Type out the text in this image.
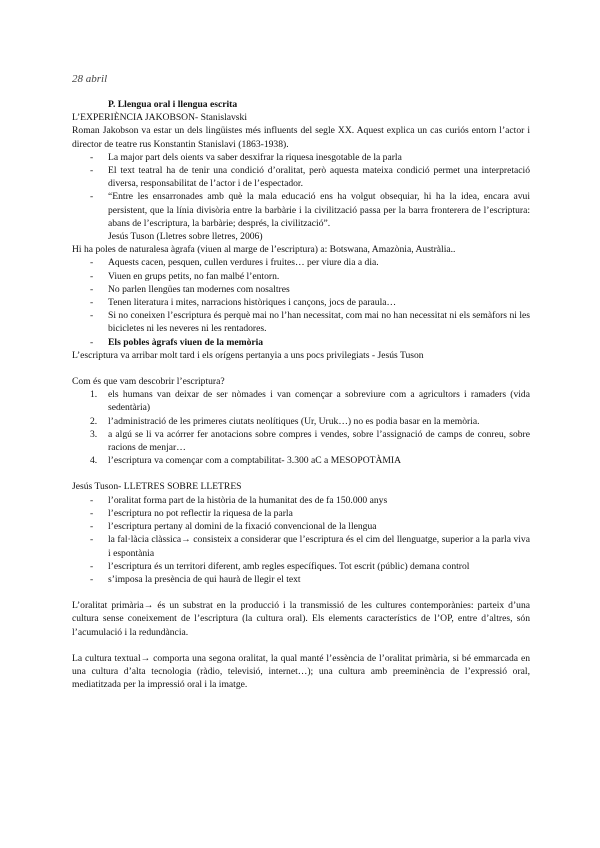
28 abril

P. Llengua oral i llengua escrita

L’EXPERIÈNCIA JAKOBSON- Stanislavski

Roman Jakobson va estar un dels lingüistes més influents del segle XX. Aquest explica un cas curiós entorn l’actor i director de teatre rus Konstantin Stanislavi (1863-1938).

- La major part dels oients va saber desxifrar la riquesa inesgotable de la parla
- El text teatral ha de tenir una condició d’oralitat, però aquesta mateixa condició permet una interpretació diversa, responsabilitat de l’actor i de l’espectador.
- “Entre les ensarronades amb què la mala educació ens ha volgut obsequiar, hi ha la idea, encara avui persistent, que la línia divisòria entre la barbàrie i la civilització passa per la barra fronterera de l’escriptura: abans de l’escriptura, la barbàrie; després, la civilització”.
Jesús Tuson (Lletres sobre lletres, 2006)

Hi ha poles de naturalesa àgrafa (viuen al marge de l’escriptura) a: Botswana, Amazònia, Austràlia..

- Aquests cacen, pesquen, cullen verdures i fruites… per viure dia a dia.
- Viuen en grups petits, no fan malbé l’entorn.
- No parlen llengües tan modernes com nosaltres
- Tenen literatura i mites, narracions històriques i cançons, jocs de paraula…
- Si no coneixen l’escriptura és perquè mai no l’han necessitat, com mai no han necessitat ni els semàfors ni les bicicletes ni les neveres ni les rentadores.
- Els pobles àgrafs viuen de la memòria

L’escriptura va arribar molt tard i els orígens pertanyia a uns pocs privilegiats - Jesús Tuson

Com és que vam descobrir l’escriptura?

1. els humans van deixar de ser nòmades i van començar a sobreviure com a agricultors i ramaders (vida sedentària)
2. l’administració de les primeres ciutats neolítiques (Ur, Uruk…) no es podia basar en la memòria.
3. a algú se li va acórrer fer anotacions sobre compres i vendes, sobre l’assignació de camps de conreu, sobre racions de menjar…
4. l’escriptura va començar com a comptabilitat- 3.300 aC a MESOPOTÀMIA

Jesús Tuson- LLETRES SOBRE LLETRES

- l’oralitat forma part de la història de la humanitat des de fa 150.000 anys
- l’escriptura no pot reflectir la riquesa de la parla
- l’escriptura pertany al domini de la fixació convencional de la llengua
- la fal·làcia clàssica→ consisteix a considerar que l’escriptura és el cim del llenguatge, superior a la parla viva i espontània
- l’escriptura és un territori diferent, amb regles específiques. Tot escrit (públic) demana control
- s’imposa la presència de qui haurà de llegir el text

L’oralitat primària→ és un substrat en la producció i la transmissió de les cultures contemporànies: parteix d’una cultura sense coneixement de l’escriptura (la cultura oral). Els elements característics de l’OP, entre d’altres, són l’acumulació i la redundància.

La cultura textual→ comporta una segona oralitat, la qual manté l’essència de l’oralitat primària, si bé emmarcada en una cultura d’alta tecnologia (ràdio, televisió, internet…); una cultura amb preeminència de l’expressió oral, mediatitzada per la impressió oral i la imatge.
